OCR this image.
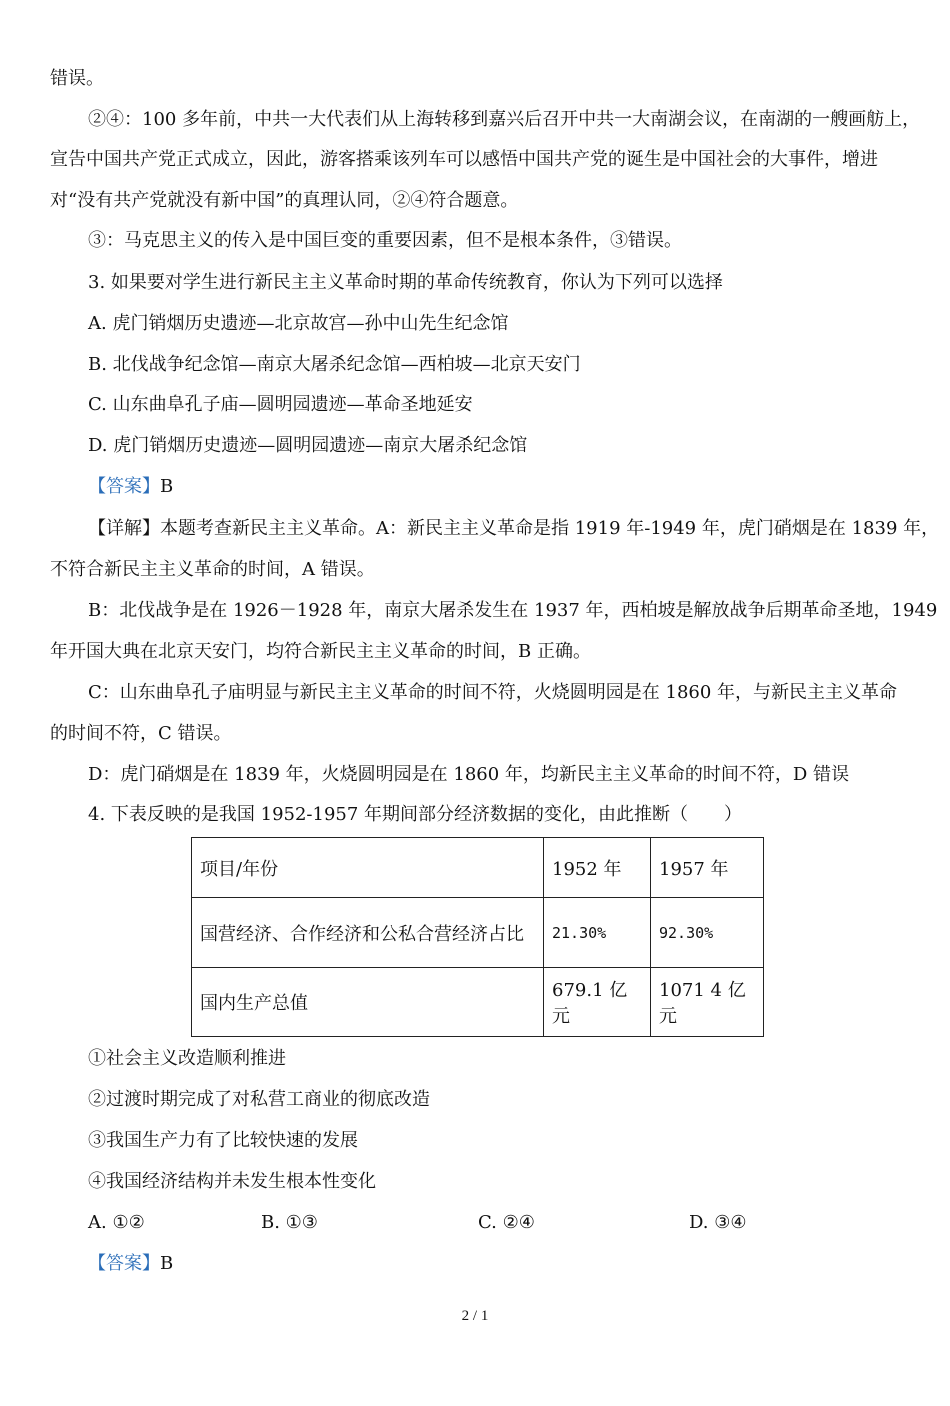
错误。
②④：100 多年前，中共一大代表们从上海转移到嘉兴后召开中共一大南湖会议，在南湖的一艘画舫上，
宣告中国共产党正式成立，因此，游客搭乘该列车可以感悟中国共产党的诞生是中国社会的大事件，增进
对“没有共产党就没有新中国”的真理认同，②④符合题意。
③：马克思主义的传入是中国巨变的重要因素，但不是根本条件，③错误。
3. 如果要对学生进行新民主主义革命时期的革命传统教育，你认为下列可以选择
A. 虎门销烟历史遗迹—北京故宫—孙中山先生纪念馆
B. 北伐战争纪念馆—南京大屠杀纪念馆—西柏坡—北京天安门
C. 山东曲阜孔子庙—圆明园遗迹—革命圣地延安
D. 虎门销烟历史遗迹—圆明园遗迹—南京大屠杀纪念馆
【答案】B
【详解】本题考查新民主主义革命。A：新民主主义革命是指 1919 年-1949 年，虎门硝烟是在 1839 年，
不符合新民主主义革命的时间，A 错误。
B：北伐战争是在 1926－1928 年，南京大屠杀发生在 1937 年，西柏坡是解放战争后期革命圣地，1949
年开国大典在北京天安门，均符合新民主主义革命的时间，B 正确。
C：山东曲阜孔子庙明显与新民主主义革命的时间不符，火烧圆明园是在 1860 年，与新民主主义革命
的时间不符，C 错误。
D：虎门硝烟是在 1839 年，火烧圆明园是在 1860 年，均新民主主义革命的时间不符，D 错误
4. 下表反映的是我国 1952-1957 年期间部分经济数据的变化，由此推断（　　）
项目/年份	1952 年	1957 年
国营经济、合作经济和公私合营经济占比	21.30%	92.30%
国内生产总值	679.1 亿元	1071 4 亿元
①社会主义改造顺利推进
②过渡时期完成了对私营工商业的彻底改造
③我国生产力有了比较快速的发展
④我国经济结构并未发生根本性变化
A. ①②	B. ①③	C. ②④	D. ③④
【答案】B
2 / 1
